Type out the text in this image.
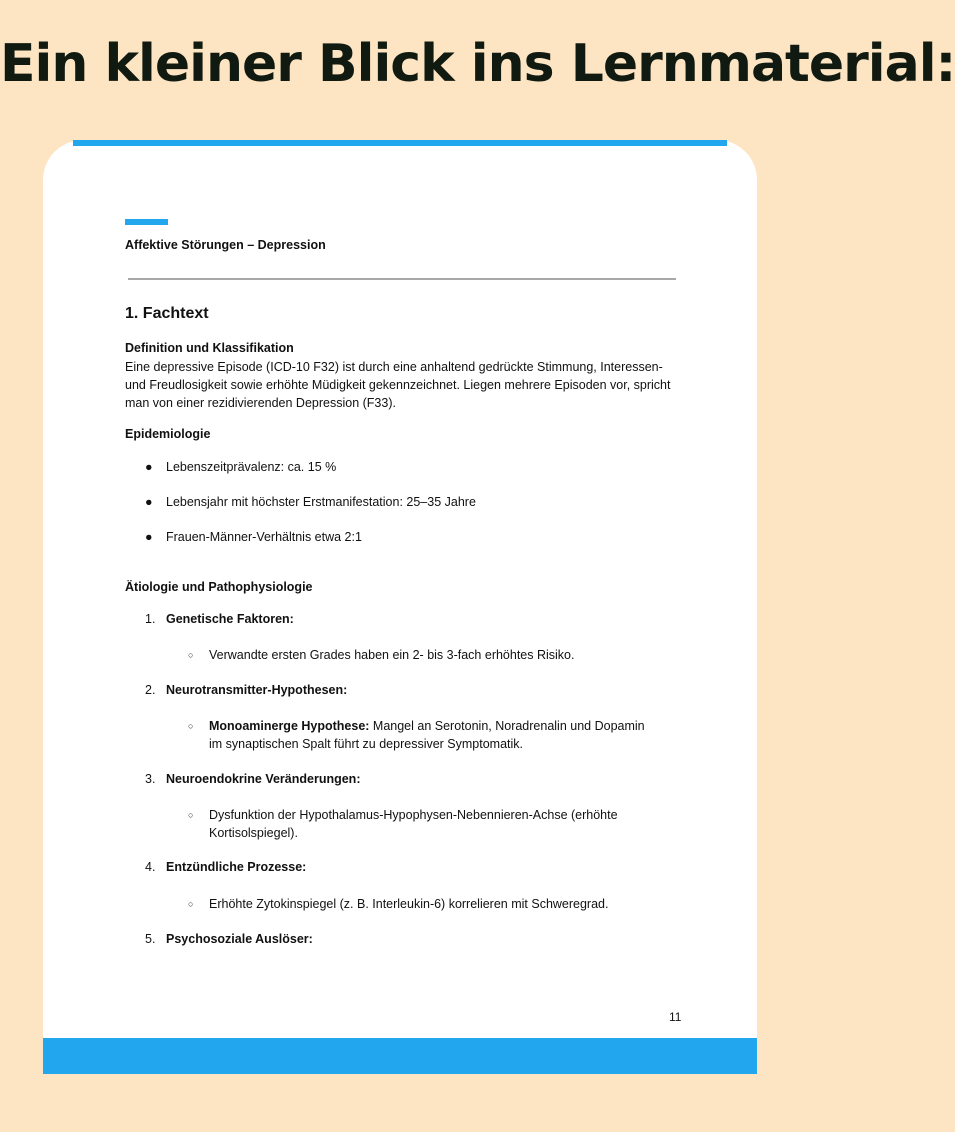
Ein kleiner Blick ins Lernmaterial:
Affektive Störungen – Depression
1. Fachtext
Definition und Klassifikation
Eine depressive Episode (ICD-10 F32) ist durch eine anhaltend gedrückte Stimmung, Interessen- und Freudlosigkeit sowie erhöhte Müdigkeit gekennzeichnet. Liegen mehrere Episoden vor, spricht man von einer rezidivierenden Depression (F33).
Epidemiologie
● Lebenszeitprävalenz: ca. 15 %
● Lebensjahr mit höchster Erstmanifestation: 25–35 Jahre
● Frauen-Männer-Verhältnis etwa 2:1
Ätiologie und Pathophysiologie
1. Genetische Faktoren:
○ Verwandte ersten Grades haben ein 2- bis 3-fach erhöhtes Risiko.
2. Neurotransmitter-Hypothesen:
○ Monoaminerge Hypothese: Mangel an Serotonin, Noradrenalin und Dopamin im synaptischen Spalt führt zu depressiver Symptomatik.
3. Neuroendokrine Veränderungen:
○ Dysfunktion der Hypothalamus-Hypophysen-Nebennieren-Achse (erhöhte Kortisolspiegel).
4. Entzündliche Prozesse:
○ Erhöhte Zytokinspiegel (z. B. Interleukin-6) korrelieren mit Schweregrad.
5. Psychosoziale Auslöser:
11
